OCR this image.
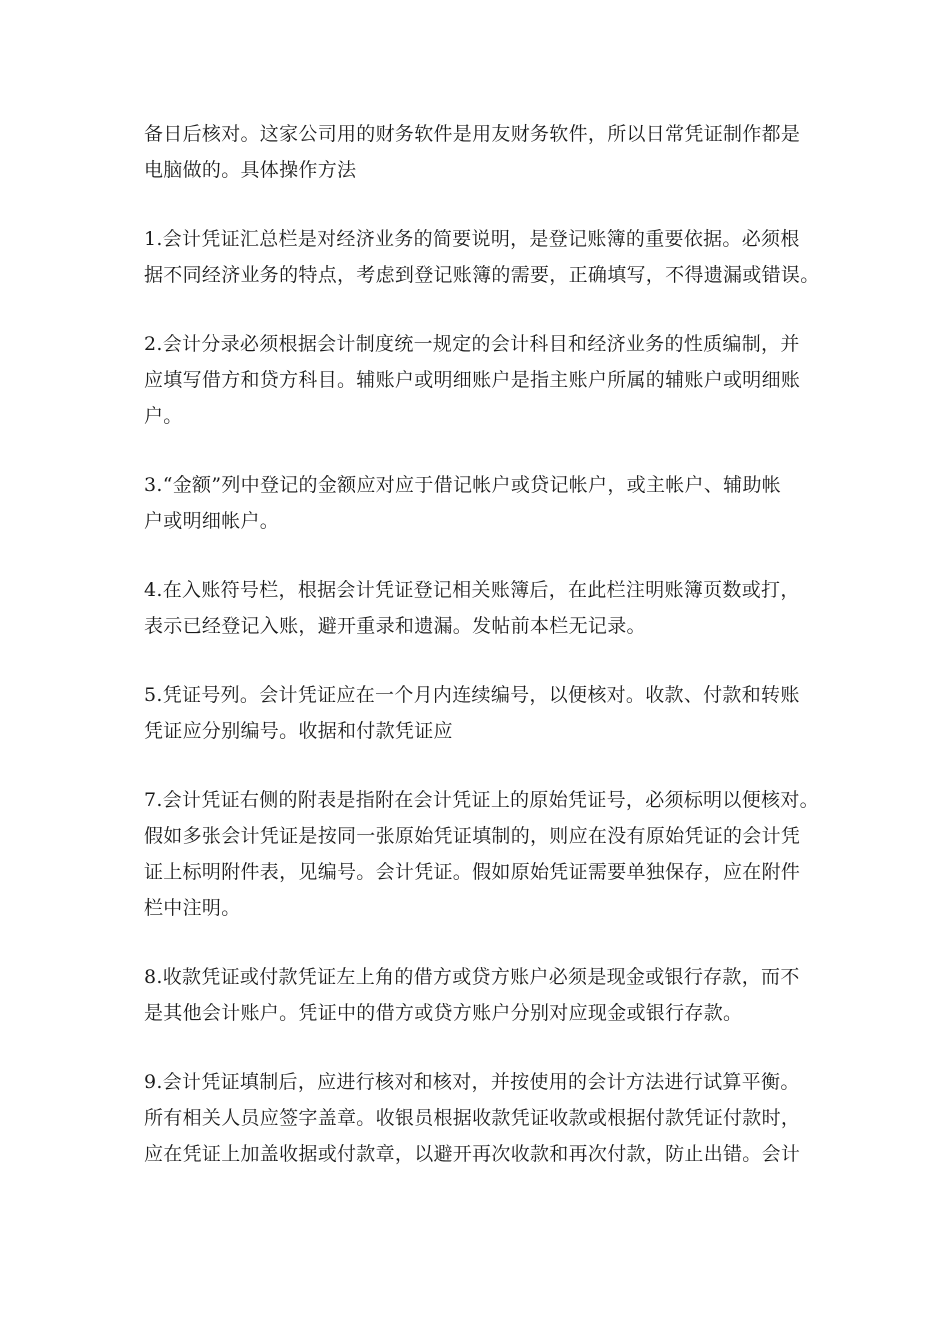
备日后核对。这家公司用的财务软件是用友财务软件，所以日常凭证制作都是
电脑做的。具体操作方法

1.会计凭证汇总栏是对经济业务的简要说明，是登记账簿的重要依据。必须根
据不同经济业务的特点，考虑到登记账簿的需要，正确填写，不得遗漏或错误。

2.会计分录必须根据会计制度统一规定的会计科目和经济业务的性质编制，并
应填写借方和贷方科目。辅账户或明细账户是指主账户所属的辅账户或明细账
户。

3.“金额”列中登记的金额应对应于借记帐户或贷记帐户，或主帐户、辅助帐
户或明细帐户。

4.在入账符号栏，根据会计凭证登记相关账簿后，在此栏注明账簿页数或打，
表示已经登记入账，避开重录和遗漏。发帖前本栏无记录。

5.凭证号列。会计凭证应在一个月内连续编号，以便核对。收款、付款和转账
凭证应分别编号。收据和付款凭证应

7.会计凭证右侧的附表是指附在会计凭证上的原始凭证号，必须标明以便核对。
假如多张会计凭证是按同一张原始凭证填制的，则应在没有原始凭证的会计凭
证上标明附件表，见编号。会计凭证。假如原始凭证需要单独保存，应在附件
栏中注明。

8.收款凭证或付款凭证左上角的借方或贷方账户必须是现金或银行存款，而不
是其他会计账户。凭证中的借方或贷方账户分别对应现金或银行存款。

9.会计凭证填制后，应进行核对和核对，并按使用的会计方法进行试算平衡。
所有相关人员应签字盖章。收银员根据收款凭证收款或根据付款凭证付款时，
应在凭证上加盖收据或付款章，以避开再次收款和再次付款，防止出错。会计
